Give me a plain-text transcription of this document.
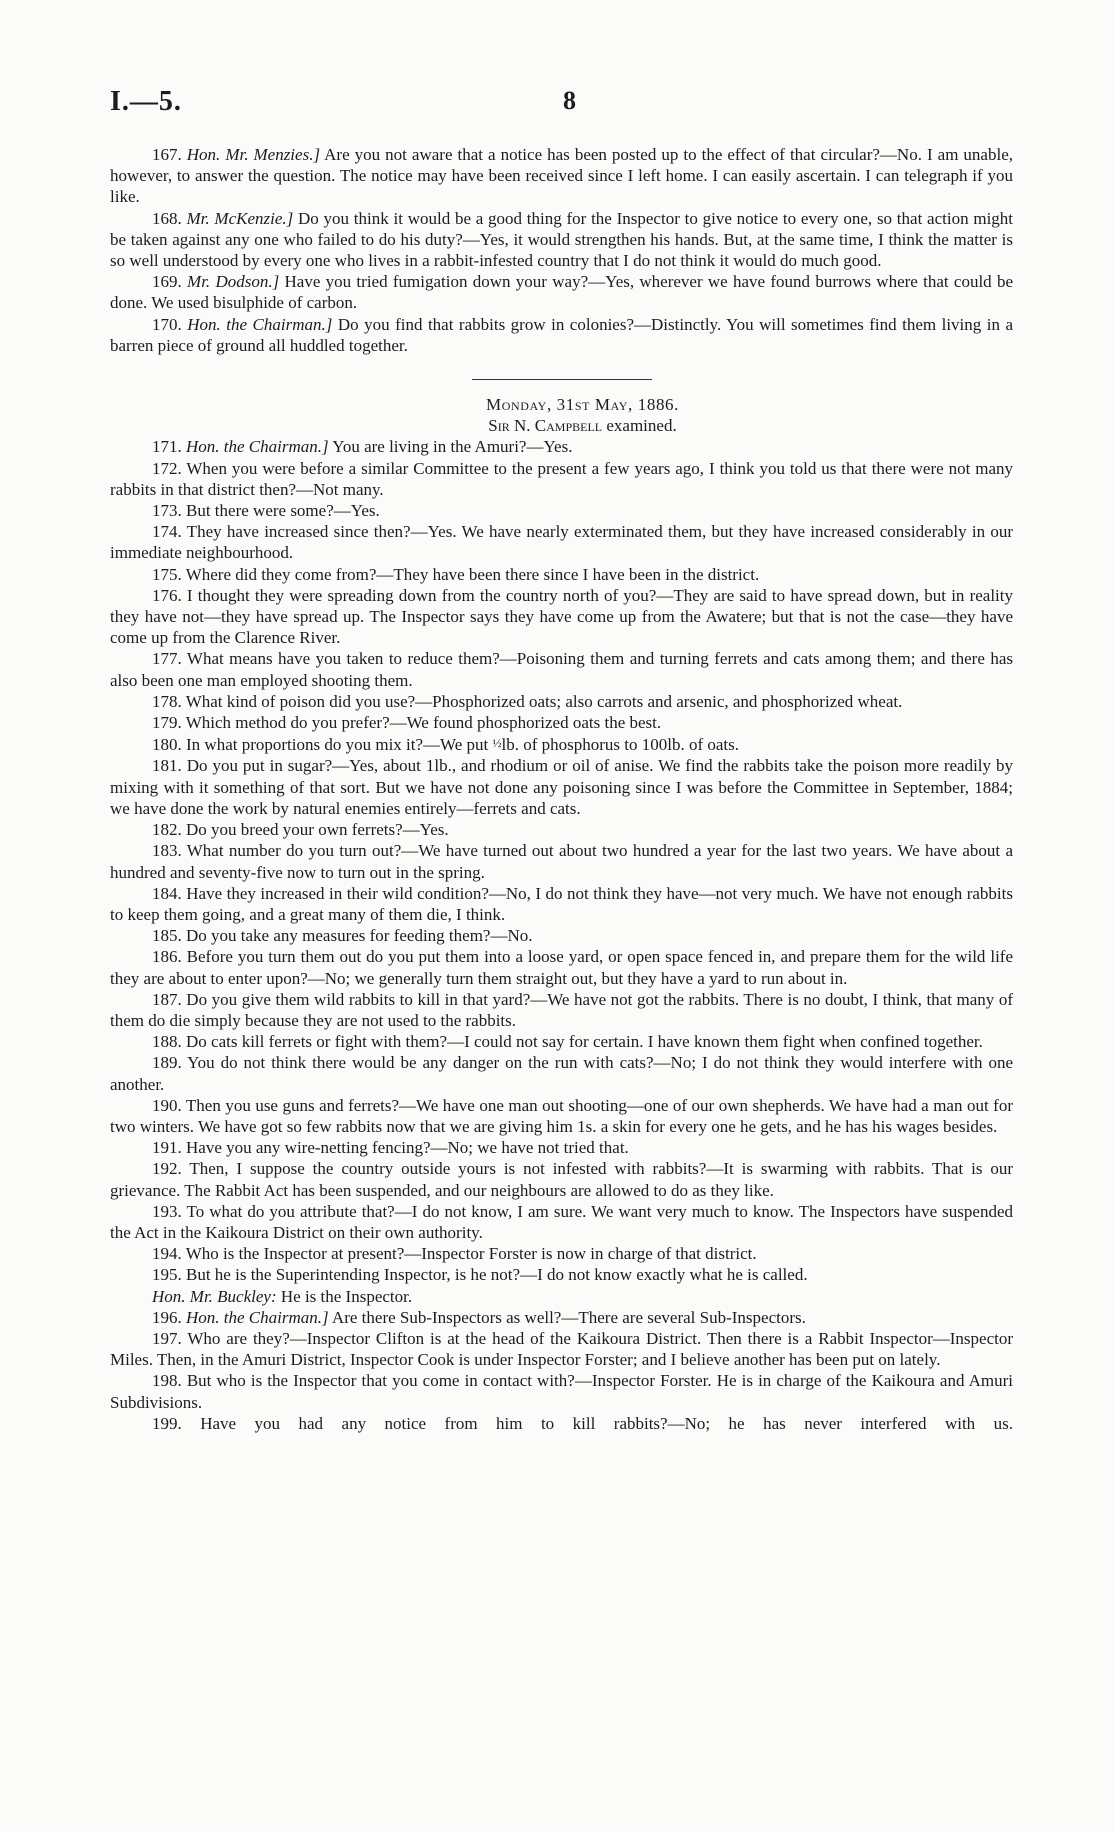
I.—5.	8

167. Hon. Mr. Menzies.] Are you not aware that a notice has been posted up to the effect of that circular?—No. I am unable, however, to answer the question. The notice may have been received since I left home. I can easily ascertain. I can telegraph if you like.

168. Mr. McKenzie.] Do you think it would be a good thing for the Inspector to give notice to every one, so that action might be taken against any one who failed to do his duty?—Yes, it would strengthen his hands. But, at the same time, I think the matter is so well understood by every one who lives in a rabbit-infested country that I do not think it would do much good.

169. Mr. Dodson.] Have you tried fumigation down your way?—Yes, wherever we have found burrows where that could be done. We used bisulphide of carbon.

170. Hon. the Chairman.] Do you find that rabbits grow in colonies?—Distinctly. You will sometimes find them living in a barren piece of ground all huddled together.

Monday, 31st May, 1886.

Sir N. Campbell examined.

171. Hon. the Chairman.] You are living in the Amuri?—Yes.

172. When you were before a similar Committee to the present a few years ago, I think you told us that there were not many rabbits in that district then?—Not many.

173. But there were some?—Yes.

174. They have increased since then?—Yes. We have nearly exterminated them, but they have increased considerably in our immediate neighbourhood.

175. Where did they come from?—They have been there since I have been in the district.

176. I thought they were spreading down from the country north of you?—They are said to have spread down, but in reality they have not—they have spread up. The Inspector says they have come up from the Awatere; but that is not the case—they have come up from the Clarence River.

177. What means have you taken to reduce them?—Poisoning them and turning ferrets and cats among them; and there has also been one man employed shooting them.

178. What kind of poison did you use?—Phosphorized oats; also carrots and arsenic, and phosphorized wheat.

179. Which method do you prefer?—We found phosphorized oats the best.

180. In what proportions do you mix it?—We put ½lb. of phosphorus to 100lb. of oats.

181. Do you put in sugar?—Yes, about 1lb., and rhodium or oil of anise. We find the rabbits take the poison more readily by mixing with it something of that sort. But we have not done any poisoning since I was before the Committee in September, 1884; we have done the work by natural enemies entirely—ferrets and cats.

182. Do you breed your own ferrets?—Yes.

183. What number do you turn out?—We have turned out about two hundred a year for the last two years. We have about a hundred and seventy-five now to turn out in the spring.

184. Have they increased in their wild condition?—No, I do not think they have—not very much. We have not enough rabbits to keep them going, and a great many of them die, I think.

185. Do you take any measures for feeding them?—No.

186. Before you turn them out do you put them into a loose yard, or open space fenced in, and prepare them for the wild life they are about to enter upon?—No; we generally turn them straight out, but they have a yard to run about in.

187. Do you give them wild rabbits to kill in that yard?—We have not got the rabbits. There is no doubt, I think, that many of them do die simply because they are not used to the rabbits.

188. Do cats kill ferrets or fight with them?—I could not say for certain. I have known them fight when confined together.

189. You do not think there would be any danger on the run with cats?—No; I do not think they would interfere with one another.

190. Then you use guns and ferrets?—We have one man out shooting—one of our own shepherds. We have had a man out for two winters. We have got so few rabbits now that we are giving him 1s. a skin for every one he gets, and he has his wages besides.

191. Have you any wire-netting fencing?—No; we have not tried that.

192. Then, I suppose the country outside yours is not infested with rabbits?—It is swarming with rabbits. That is our grievance. The Rabbit Act has been suspended, and our neighbours are allowed to do as they like.

193. To what do you attribute that?—I do not know, I am sure. We want very much to know. The Inspectors have suspended the Act in the Kaikoura District on their own authority.

194. Who is the Inspector at present?—Inspector Forster is now in charge of that district.

195. But he is the Superintending Inspector, is he not?—I do not know exactly what he is called.

Hon. Mr. Buckley: He is the Inspector.

196. Hon. the Chairman.] Are there Sub-Inspectors as well?—There are several Sub-Inspectors.

197. Who are they?—Inspector Clifton is at the head of the Kaikoura District. Then there is a Rabbit Inspector—Inspector Miles. Then, in the Amuri District, Inspector Cook is under Inspector Forster; and I believe another has been put on lately.

198. But who is the Inspector that you come in contact with?—Inspector Forster. He is in charge of the Kaikoura and Amuri Subdivisions.

199. Have you had any notice from him to kill rabbits?—No; he has never interfered with us.
